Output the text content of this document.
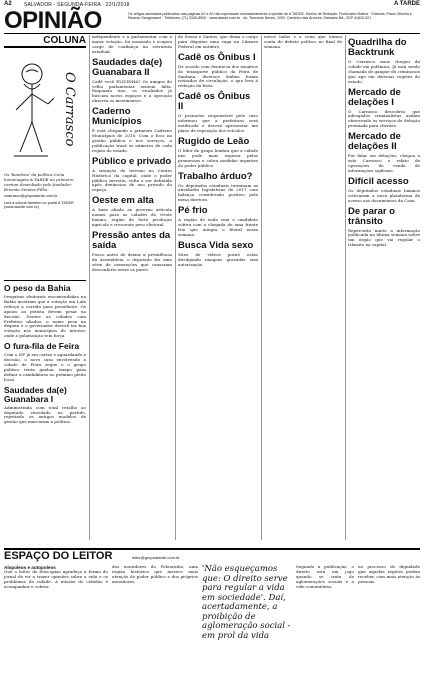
A2 SALVADOR · SEGUNDA-FEIRA · 22/1/2018	A TARDE
OPINIÃO	Os artigos assinados publicados nas páginas A2 e A3 não expressam necessariamente a opinião de A TARDE. Diretor de Redação: Florisvaldo Mattos · Editores: Paulo Oliveira e Ricardo Sangiovanni · Telefones: (71) 3340-8500 · www.atarde.com.br · Av. Tancredo Neves, 1092, Caminho das Árvores, Salvador-BA, CEP 41820-021
COLUNA
O Carrasco
Os 'bonitões' da política Cena homenageia A TARDE no primeiro cartum desenhado pelo fundador Ernesto Simões Filho
ocarrasco@grupoatarde.com.br
Leia a coluna também no portal A TARDE (www.atarde.com.br)
O peso da Bahia
Pesquisas eleitorais encomendadas na Bahia mostram que a votação em Lula reforça a corrida para presidente. Os apoios ao petista devem pesar na decisão. Dentre as cidades com Prefeitos aliados, o nome pesa na disputa e o governador deverá ter boa votação nos municípios do interior, onde a polarização tem força.
O fura-fila de Feira
Com o NF já em cartaz e aguardando a decisão, o novo caso envolvendo a cidade de Feira segue e o grupo político tenta ganhar tempo para definir a candidatura no próximo pleito local.
Saudades da(e) Guanabara I
Administrada com total retalho ao deputado vinculado ao partido, repetindo os antigos modelos de gestão que marcaram a política.
independente e a parlamentar com a maior votação, foi nomeado e ocupou cargo de confiança na estrutura estadual.
Saudades da(e) Guanabara II
Cadê você ELIVINHA? Os amigos do velho parlamentar sentem falta. Enquanto isso, os ex-aliados já buscam novos espaços e a oposição observa os movimentos.
Caderno Municípios
É está chegando o primeiro Caderno Municípios de 2018. Com o foco na gestão pública e nos serviços, a publicação trará os números de cada região do estado.
Público e privado
A situação do terreno no Centro Histórico da capital, onde o poder público investiu, volta a ser debatida após denúncias de uso privado do espaço.
Oeste em alta
A base aliada ao governo articula nomes para as cidades do Oeste baiano, região de forte produção agrícola e crescente peso eleitoral.
Pressão antes da saída
Pouco antes de deixar a presidência da Assembleia, o deputado fez uma série de nomeações que causaram desconforto entre os pares.
de Souza e Santos, que deixa o cargo para disputar uma vaga na Câmara Federal em outubro.
Cadê os Ônibus I
De acordo com denúncia dos usuários do transporte público da Feira de Santana, diversos ônibus foram retirados de circulação, o que leva à redução da frota.
Cadê os Ônibus II
O promotor responsável pelo caso informou que a prefeitura será notificada e deverá apresentar um plano de reposição dos veículos.
Rugido de Leão
O líder do grupo lembra que a cidade não pode mais esperar pelas promessas e cobra medidas urgentes do poder público.
Trabalho árduo?
Os deputados estaduais terminam as atividades legislativas de 2017 com balanço considerado positivo pela mesa diretora.
Pé frio
A região de onde vem o candidato sofreu com a chegada de uma frente fria que atingiu o litoral nesta semana.
Busca Vida sexo
Sites de vídeos pornô estão divulgando imagens gravadas sem autorização.
novos lados e a cena que tomou conta do debate político no final de semana.	Quadrilha do Backtrunk
O Carrasco mais chegou da cidade em polêmica. Já está sendo chamada de gangue de criminosos que age em diversas regiões do estado.
Mercado de delações I
O Carrasco descobriu que advogados criminalistas andam oferecendo os serviços de delação premiada para clientes.
Mercado de delações II
Por falar em delações, chegou a este Carrasco o relato de operações de venda de informações sigilosas.
Difícil acesso
Os deputados estaduais baianos criticaram a nova plataforma de acesso aos documentos da Casa.
De parar o trânsito
Repercutiu muito a informação publicada na última semana sobre um órgão que vai regular o trânsito na capital.
ESPAÇO DO LEITOR	leitor@grupoatarde.com.br
Alopoleos e autopoleos
Que o leitor de fotocopias agradeça a forma do jornal de vir a trazer opiniões sobre a vida e os problemas da cidade. A missão do cidadão é acompanhar e cobrar.
dos moradores do Pelourinho, uma região histórica que merece mais atenção do poder público e dos próprios moradores.
'Não esqueçamos que: O direito serve para regular a vida em sociedade'. Daí, acertadamente, a proibição de aglomeração social - em prol da vida
Segundo a publicação, o direito está em jogo quando se trata de aglomerações sociais e a vida comunitária.
no processo de dignidade que aquelas regiões podem receber, com mais atenção às pessoas.
